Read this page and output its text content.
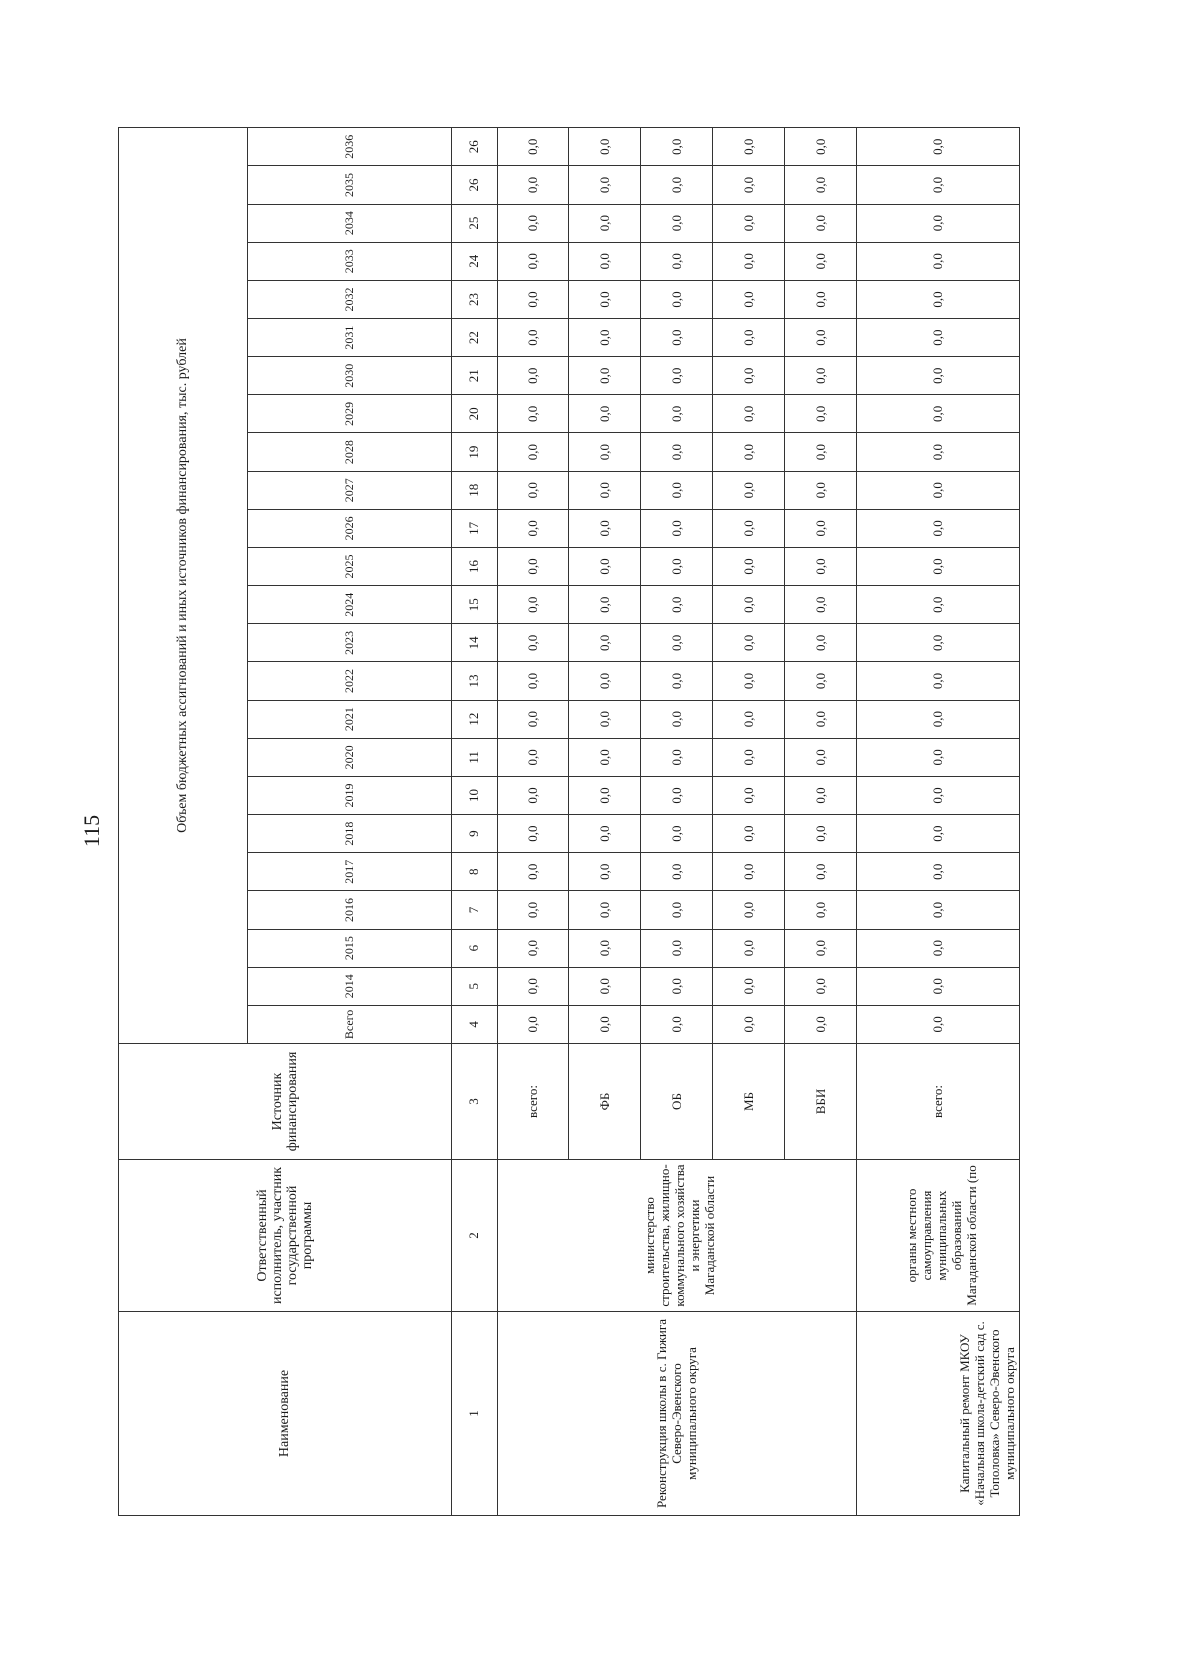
115
Наименование	Ответственный исполнитель, участник государственной программы	Источник финансирования	Объем бюджетных ассигнований и иных источников финансирования, тыс. рублей																							
			Всего	2014	2015	2016	2017	2018	2019	2020	2021	2022	2023	2024	2025	2026	2027	2028	2029	2030	2031	2032	2033	2034	2035	2036
1	2	3	4	5	6	7	8	9	10	11	12	13	14	15	16	17	18	19	20	21	22	23	24	25	26	26
Реконструкция школы в с. Гижига Северо-Эвенского муниципального округа	министерство строительства, жилищно-коммунального хозяйства и энергетики Магаданской области	всего:	0,0	0,0	0,0	0,0	0,0	0,0	0,0	0,0	0,0	0,0	0,0	0,0	0,0	0,0	0,0	0,0	0,0	0,0	0,0	0,0	0,0	0,0	0,0	0,0
		ФБ	0,0	0,0	0,0	0,0	0,0	0,0	0,0	0,0	0,0	0,0	0,0	0,0	0,0	0,0	0,0	0,0	0,0	0,0	0,0	0,0	0,0	0,0	0,0	0,0
		ОБ	0,0	0,0	0,0	0,0	0,0	0,0	0,0	0,0	0,0	0,0	0,0	0,0	0,0	0,0	0,0	0,0	0,0	0,0	0,0	0,0	0,0	0,0	0,0	0,0
		МБ	0,0	0,0	0,0	0,0	0,0	0,0	0,0	0,0	0,0	0,0	0,0	0,0	0,0	0,0	0,0	0,0	0,0	0,0	0,0	0,0	0,0	0,0	0,0	0,0
		ВБИ	0,0	0,0	0,0	0,0	0,0	0,0	0,0	0,0	0,0	0,0	0,0	0,0	0,0	0,0	0,0	0,0	0,0	0,0	0,0	0,0	0,0	0,0	0,0	0,0
Капитальный ремонт МКОУ «Начальная школа-детский сад с. Тополовка» Северо-Эвенского муниципального округа	органы местного самоуправления муниципальных образований Магаданской области (по	всего:	0,0	0,0	0,0	0,0	0,0	0,0	0,0	0,0	0,0	0,0	0,0	0,0	0,0	0,0	0,0	0,0	0,0	0,0	0,0	0,0	0,0	0,0	0,0	0,0
